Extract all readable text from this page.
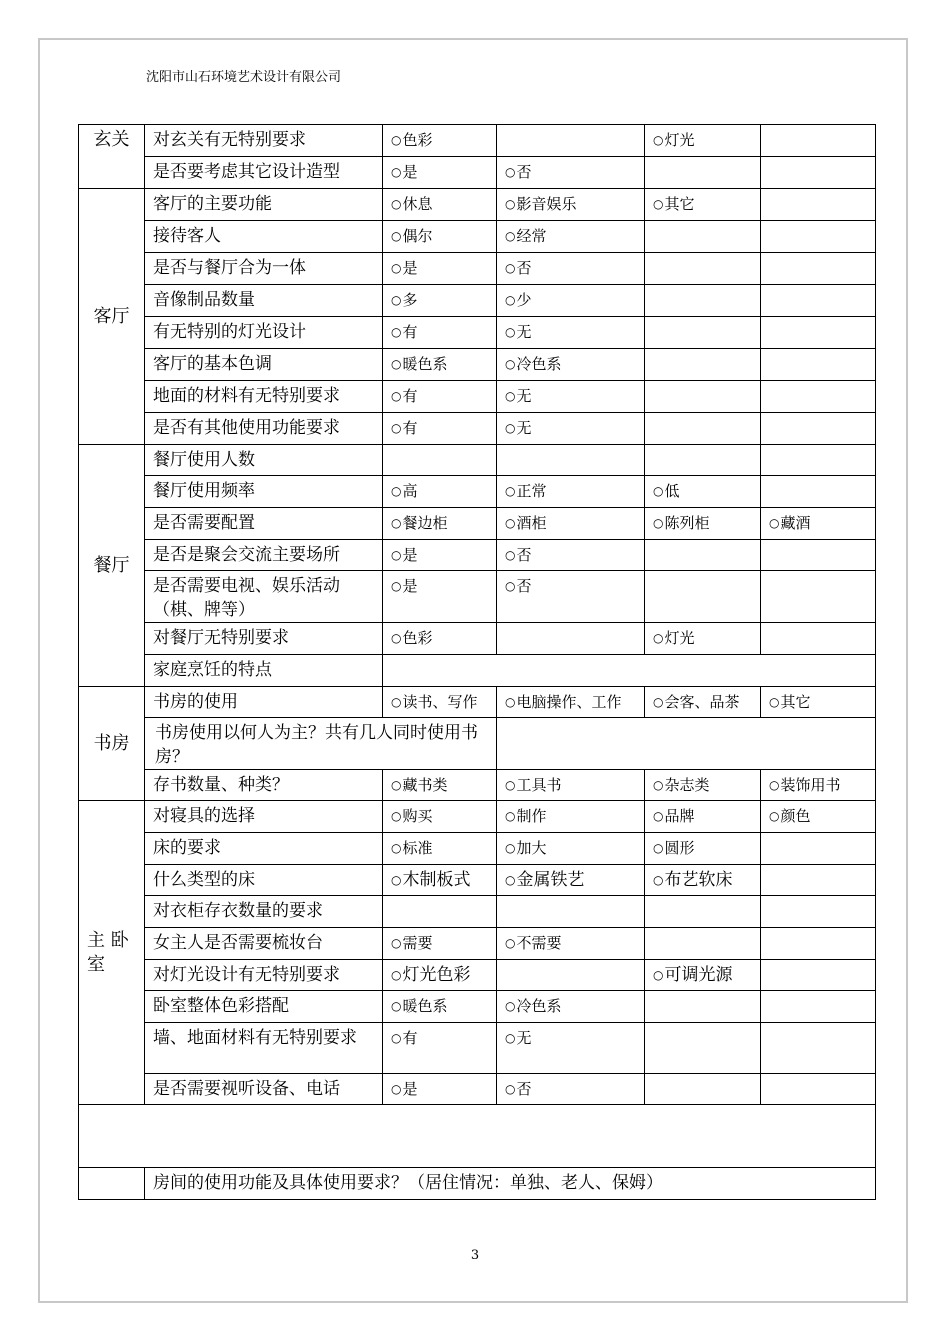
沈阳市山石环境艺术设计有限公司
玄关	对玄关有无特别要求	○色彩		○灯光	
	是否要考虑其它设计造型	○是	○否		
客厅	客厅的主要功能	○休息	○影音娱乐	○其它	
	接待客人	○偶尔	○经常		
	是否与餐厅合为一体	○是	○否		
	音像制品数量	○多	○少		
	有无特别的灯光设计	○有	○无		
	客厅的基本色调	○暖色系	○冷色系		
	地面的材料有无特别要求	○有	○无		
	是否有其他使用功能要求	○有	○无		
餐厅	餐厅使用人数				
	餐厅使用频率	○高	○正常	○低	
	是否需要配置	○餐边柜	○酒柜	○陈列柜	○藏酒
	是否是聚会交流主要场所	○是	○否		
	是否需要电视、娱乐活动（棋、牌等）	○是	○否		
	对餐厅无特别要求	○色彩		○灯光	
	家庭烹饪的特点				
书房	书房的使用	○读书、写作	○电脑操作、工作	○会客、品茶	○其它
	书房使用以何人为主？共有几人同时使用书房？				
	存书数量、种类？	○藏书类	○工具书	○杂志类	○装饰用书
主 卧 室	对寝具的选择	○购买	○制作	○品牌	○颜色
	床的要求	○标准	○加大	○圆形	
	什么类型的床	○木制板式	○金属铁艺	○布艺软床	
	对衣柜存衣数量的要求				
	女主人是否需要梳妆台	○需要	○不需要		
	对灯光设计有无特别要求	○灯光色彩		○可调光源	
	卧室整体色彩搭配	○暖色系	○冷色系		
	墙、地面材料有无特别要求	○有	○无		
	是否需要视听设备、电话	○是	○否		

	房间的使用功能及具体使用要求？（居住情况：单独、老人、保姆）				
3
